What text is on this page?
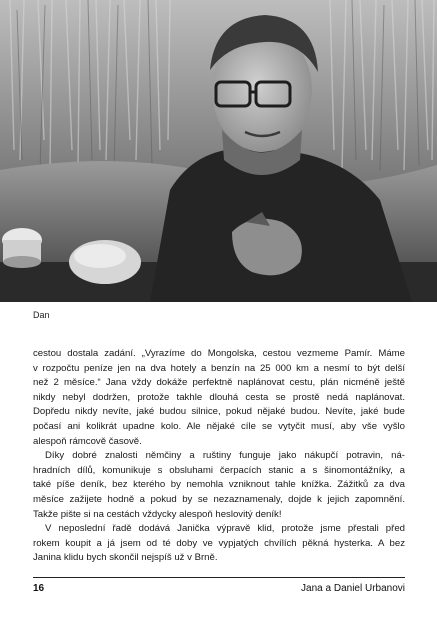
Dan

cestou dostala zadání. „Vyrazíme do Mongolska, cestou vezmeme Pamír. Máme
v rozpočtu peníze jen na dva hotely a benzín na 25 000 km a nesmí to být delší
než 2 měsíce.“ Jana vždy dokáže perfektně naplánovat cestu, plán nicméně ještě
nikdy nebyl dodržen, protože takhle dlouhá cesta se prostě nedá naplánovat.
Dopředu nikdy nevíte, jaké budou silnice, pokud nějaké budou. Nevíte, jaké bude
počasí ani kolikrát upadne kolo. Ale nějaké cíle se vytyčit musí, aby vše vyšlo
alespoň rámcově časově.

Díky dobré znalosti němčiny a ruštiny funguje jako nákupčí potravin, ná-
hradních dílů, komunikuje s obsluhami čerpacích stanic a s šinomontážníky, a
také píše deník, bez kterého by nemohla vzniknout tahle knížka. Zážitků za dva
měsíce zažijete hodně a pokud by se nezaznamenaly, dojde k jejich zapomnění.
Takže pište si na cestách vždycky alespoň heslovitý deník!

V neposlední řadě dodává Janička výpravě klid, protože jsme přestali před
rokem koupit a já jsem od té doby ve vypjatých chvílích pěkná hysterka. A bez
Janina klidu bych skončil nejspíš už v Brně.

16	Jana a Daniel Urbanovi
